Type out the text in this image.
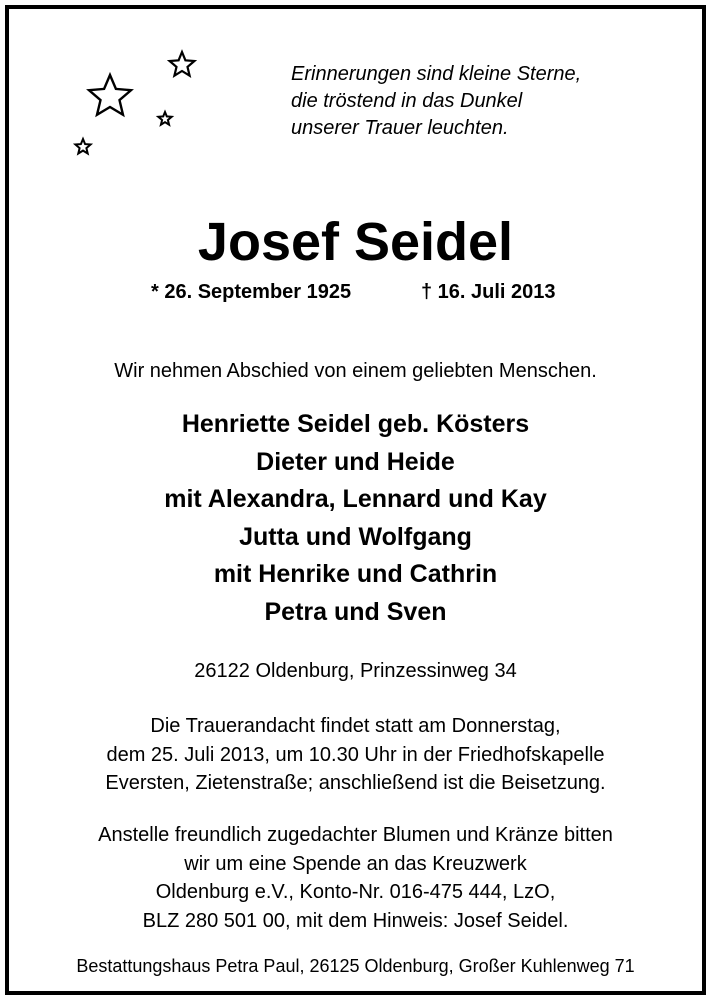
Erinnerungen sind kleine Sterne,
die tröstend in das Dunkel
unserer Trauer leuchten.
Josef Seidel
* 26. September 1925	† 16. Juli 2013
Wir nehmen Abschied von einem geliebten Menschen.
Henriette Seidel geb. Kösters
Dieter und Heide
mit Alexandra, Lennard und Kay
Jutta und Wolfgang
mit Henrike und Cathrin
Petra und Sven
26122 Oldenburg, Prinzessinweg 34
Die Trauerandacht findet statt am Donnerstag,
dem 25. Juli 2013, um 10.30 Uhr in der Friedhofskapelle
Eversten, Zietenstraße; anschließend ist die Beisetzung.
Anstelle freundlich zugedachter Blumen und Kränze bitten
wir um eine Spende an das Kreuzwerk
Oldenburg e.V., Konto-Nr. 016-475 444, LzO,
BLZ 280 501 00, mit dem Hinweis: Josef Seidel.
Bestattungshaus Petra Paul, 26125 Oldenburg, Großer Kuhlenweg 71
